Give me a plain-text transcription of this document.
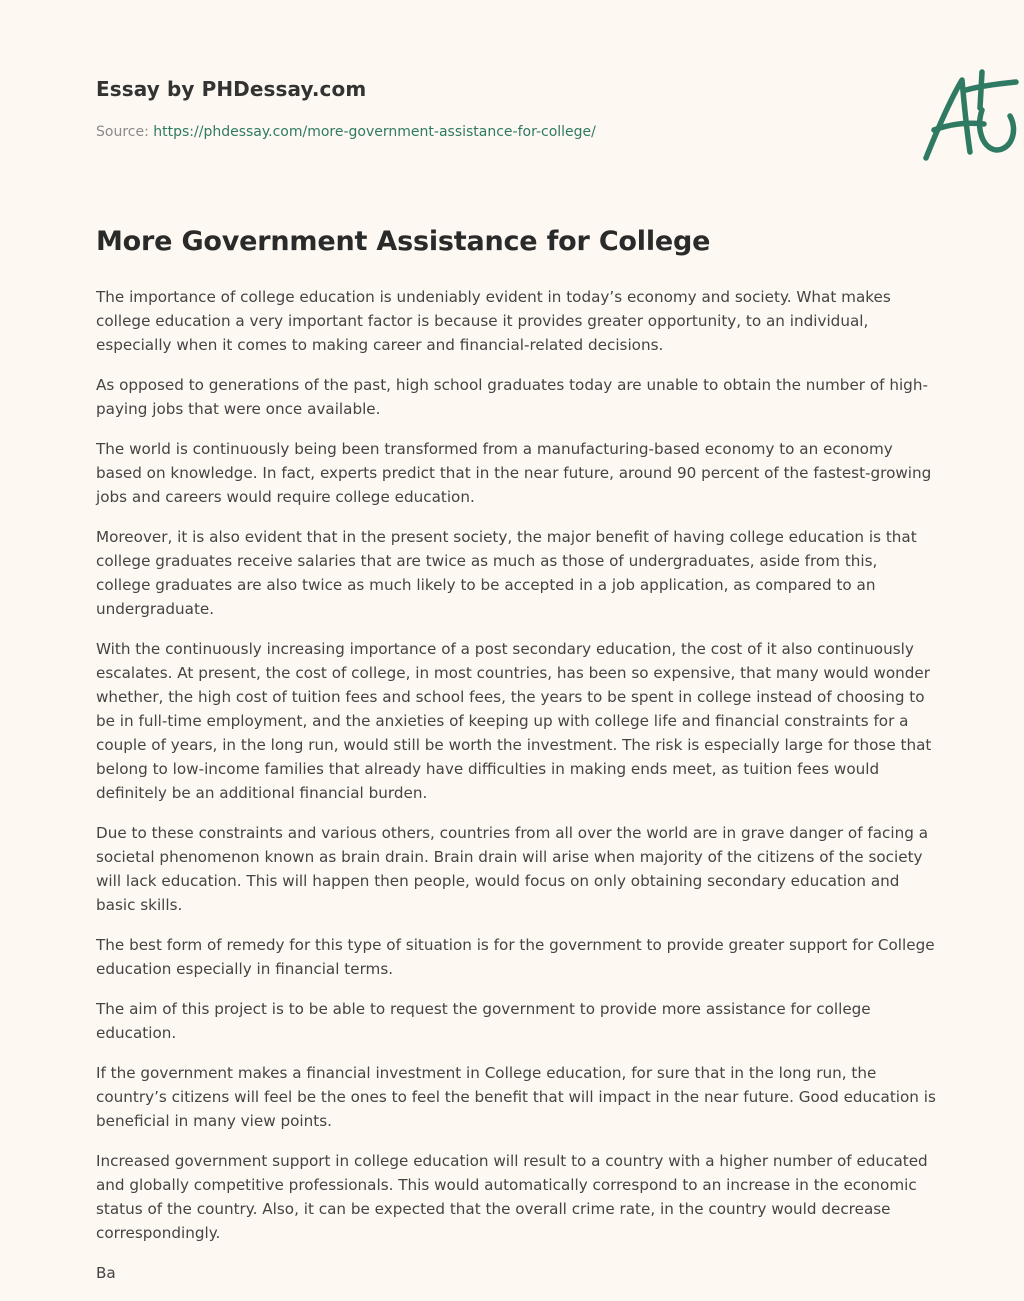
Essay by PHDessay.com
Source: https://phdessay.com/more-government-assistance-for-college/
More Government Assistance for College

The importance of college education is undeniably evident in today’s economy and society. What makes college education a very important factor is because it provides greater opportunity, to an individual, especially when it comes to making career and financial-related decisions.

As opposed to generations of the past, high school graduates today are unable to obtain the number of high-paying jobs that were once available.

The world is continuously being been transformed from a manufacturing-based economy to an economy based on knowledge. In fact, experts predict that in the near future, around 90 percent of the fastest-growing jobs and careers would require college education.

Moreover, it is also evident that in the present society, the major benefit of having college education is that college graduates receive salaries that are twice as much as those of undergraduates, aside from this, college graduates are also twice as much likely to be accepted in a job application, as compared to an undergraduate.

With the continuously increasing importance of a post secondary education, the cost of it also continuously escalates. At present, the cost of college, in most countries, has been so expensive, that many would wonder whether, the high cost of tuition fees and school fees, the years to be spent in college instead of choosing to be in full-time employment, and the anxieties of keeping up with college life and financial constraints for a couple of years, in the long run, would still be worth the investment. The risk is especially large for those that belong to low-income families that already have difficulties in making ends meet, as tuition fees would definitely be an additional financial burden.

Due to these constraints and various others, countries from all over the world are in grave danger of facing a societal phenomenon known as brain drain. Brain drain will arise when majority of the citizens of the society will lack education. This will happen then people, would focus on only obtaining secondary education and basic skills.

The best form of remedy for this type of situation is for the government to provide greater support for College education especially in financial terms.

The aim of this project is to be able to request the government to provide more assistance for college education.

If the government makes a financial investment in College education, for sure that in the long run, the country’s citizens will feel be the ones to feel the benefit that will impact in the near future. Good education is beneficial in many view points.

Increased government support in college education will result to a country with a higher number of educated and globally competitive professionals. This would automatically correspond to an increase in the economic status of the country. Also, it can be expected that the overall crime rate, in the country would decrease correspondingly.

Ba
